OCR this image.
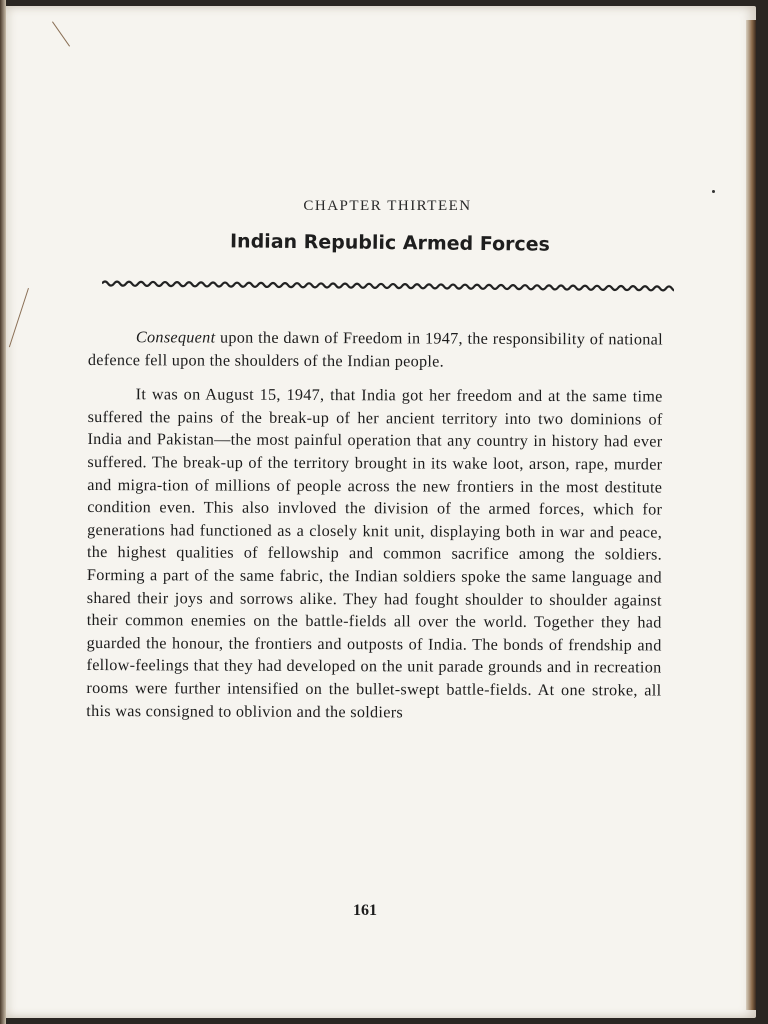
CHAPTER THIRTEEN
Indian Republic Armed Forces

Consequent upon the dawn of Freedom in 1947, the responsibility of national defence fell upon the shoulders of the Indian people.

It was on August 15, 1947, that India got her freedom and at the same time suffered the pains of the break-up of her ancient territory into two dominions of India and Pakistan—the most painful operation that any country in history had ever suffered. The break-up of the territory brought in its wake loot, arson, rape, murder and migra-tion of millions of people across the new frontiers in the most destitute condition even. This also invloved the division of the armed forces, which for generations had functioned as a closely knit unit, displaying both in war and peace, the highest qualities of fellowship and common sacrifice among the soldiers. Forming a part of the same fabric, the Indian soldiers spoke the same language and shared their joys and sorrows alike. They had fought shoulder to shoulder against their common enemies on the battle-fields all over the world. Together they had guarded the honour, the frontiers and outposts of India. The bonds of frendship and fellow-feelings that they had developed on the unit parade grounds and in recreation rooms were further intensified on the bullet-swept battle-fields. At one stroke, all this was consigned to oblivion and the soldiers

161
